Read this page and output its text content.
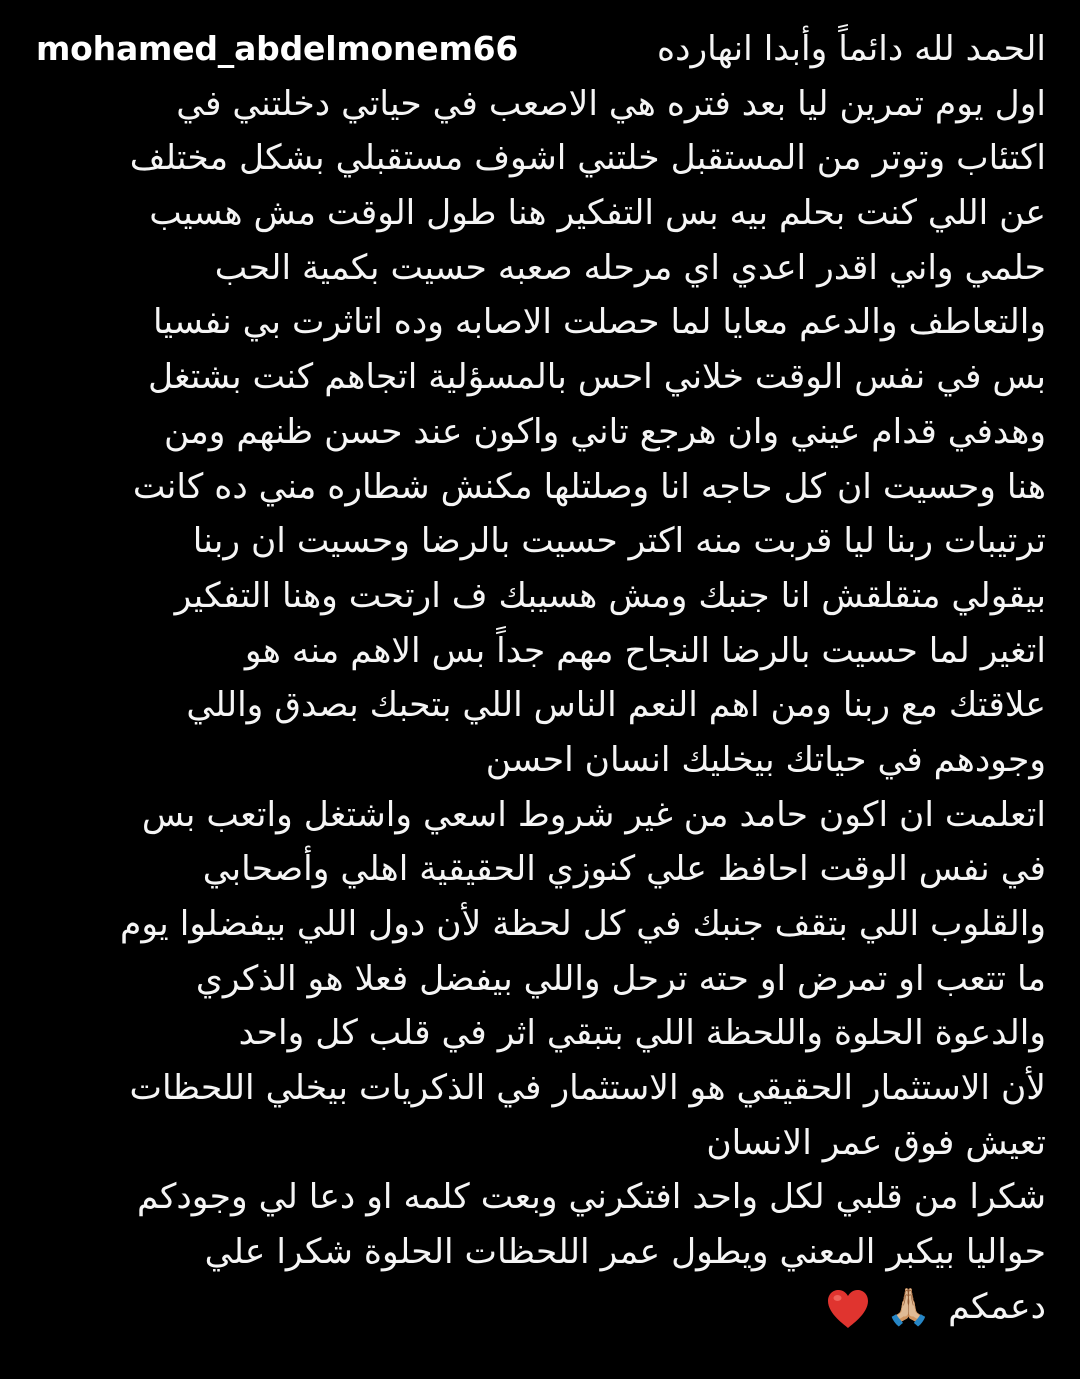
mohamed_abdelmonem66	الحمد لله دائماً وأبدا انهارده
اول يوم تمرين ليا بعد فتره هي الاصعب في حياتي دخلتني في
اكتئاب وتوتر من المستقبل خلتني اشوف مستقبلي بشكل مختلف
عن اللي كنت بحلم بيه بس التفكير هنا طول الوقت مش هسيب
حلمي واني اقدر اعدي اي مرحله صعبه حسيت بكمية الحب
والتعاطف والدعم معايا لما حصلت الاصابه وده اتاثرت بي نفسيا
بس في نفس الوقت خلاني احس بالمسؤلية اتجاهم كنت بشتغل
وهدفي قدام عيني وان هرجع تاني واكون عند حسن ظنهم ومن
هنا وحسيت ان كل حاجه انا وصلتلها مكنش شطاره مني ده كانت
ترتيبات ربنا ليا قربت منه اكتر حسيت بالرضا وحسيت ان ربنا
بيقولي متقلقش انا جنبك ومش هسيبك ف ارتحت وهنا التفكير
اتغير لما حسيت بالرضا النجاح مهم جداً بس الاهم منه هو
علاقتك مع ربنا ومن اهم النعم الناس اللي بتحبك بصدق واللي
وجودهم في حياتك بيخليك انسان احسن
اتعلمت ان اكون حامد من غير شروط اسعي واشتغل واتعب بس
في نفس الوقت احافظ علي كنوزي الحقيقية اهلي وأصحابي
والقلوب اللي بتقف جنبك في كل لحظة لأن دول اللي بيفضلوا يوم
ما تتعب او تمرض او حته ترحل واللي بيفضل فعلا هو الذكري
والدعوة الحلوة واللحظة اللي بتبقي اثر في قلب كل واحد
لأن الاستثمار الحقيقي هو الاستثمار في الذكريات بيخلي اللحظات
تعيش فوق عمر الانسان
شكرا من قلبي لكل واحد افتكرني وبعت كلمه او دعا لي وجودكم
حواليا بيكبر المعني ويطول عمر اللحظات الحلوة شكرا علي
دعمكم 🙏🏼
